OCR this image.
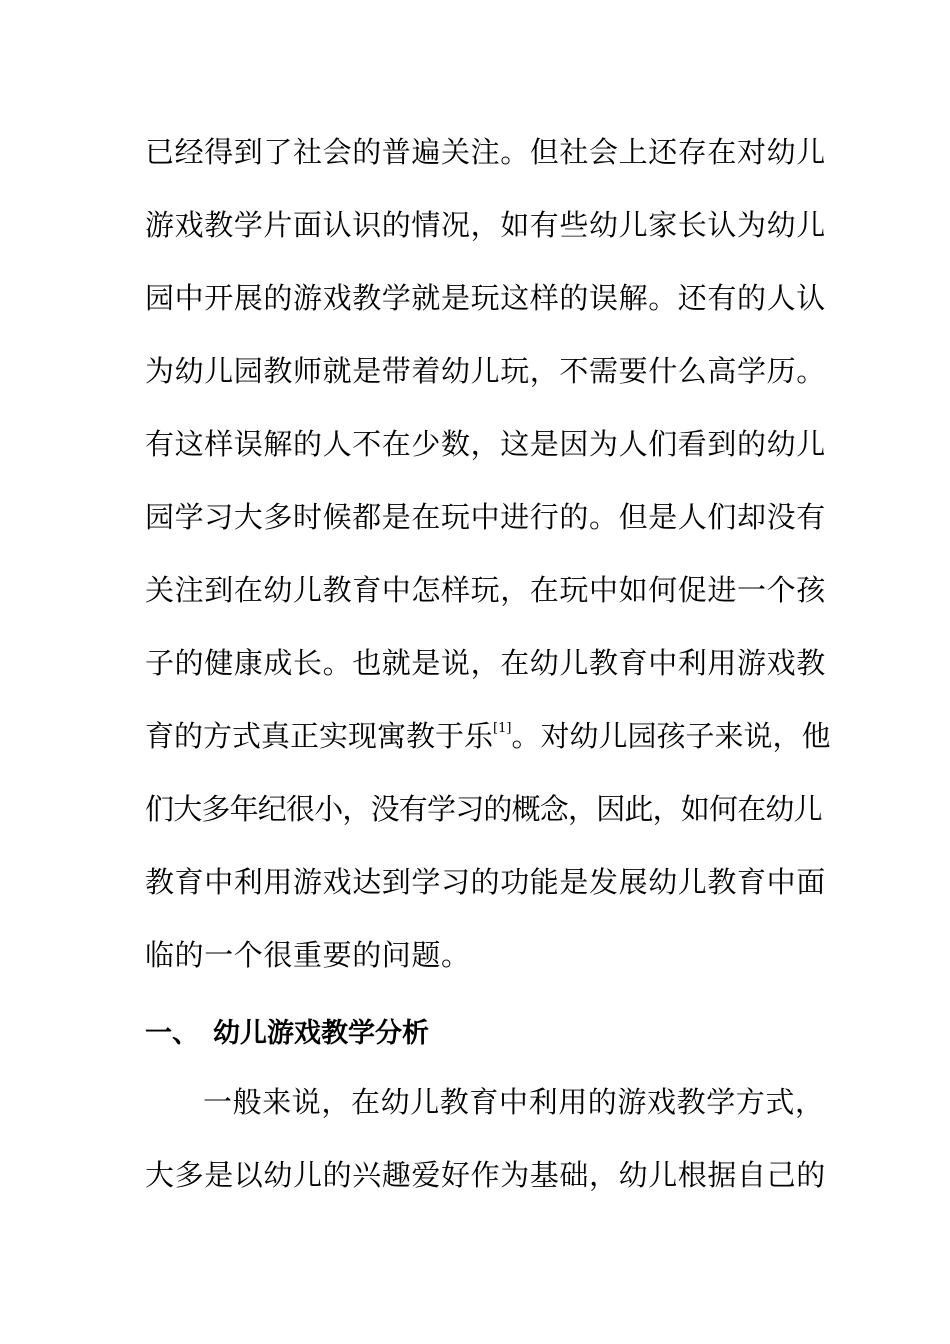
已经得到了社会的普遍关注。但社会上还存在对幼儿
游戏教学片面认识的情况，如有些幼儿家长认为幼儿
园中开展的游戏教学就是玩这样的误解。还有的人认
为幼儿园教师就是带着幼儿玩，不需要什么高学历。
有这样误解的人不在少数，这是因为人们看到的幼儿
园学习大多时候都是在玩中进行的。但是人们却没有
关注到在幼儿教育中怎样玩，在玩中如何促进一个孩
子的健康成长。也就是说，在幼儿教育中利用游戏教
育的方式真正实现寓教于乐[1]。对幼儿园孩子来说，他
们大多年纪很小，没有学习的概念，因此，如何在幼儿
教育中利用游戏达到学习的功能是发展幼儿教育中面
临的一个很重要的问题。
一、 幼儿游戏教学分析
一般来说，在幼儿教育中利用的游戏教学方式，
大多是以幼儿的兴趣爱好作为基础，幼儿根据自己的
